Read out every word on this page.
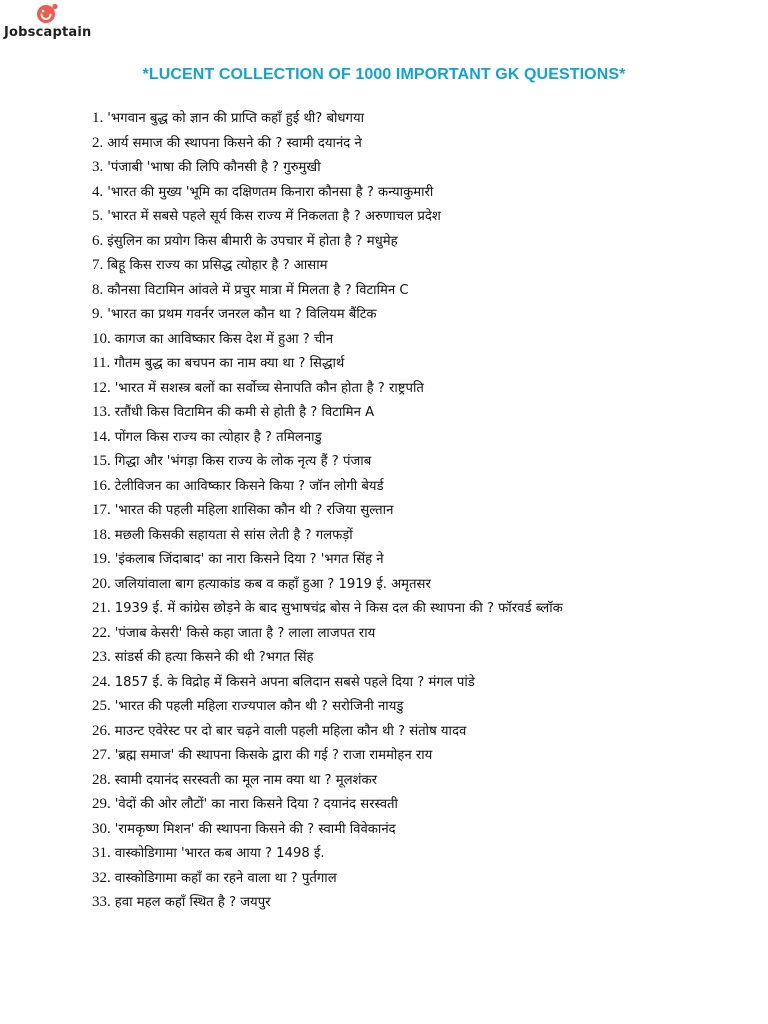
Jobscaptain
*LUCENT COLLECTION OF 1000 IMPORTANT GK QUESTIONS*
1. 'भगवान बुद्ध को ज्ञान की प्राप्ति कहाँ हुई थी? बोधगया
2. आर्य समाज की स्थापना किसने की ? स्वामी दयानंद ने
3. 'पंजाबी 'भाषा की लिपि कौनसी है ? गुरुमुखी
4. 'भारत की मुख्य 'भूमि का दक्षिणतम किनारा कौनसा है ? कन्याकुमारी
5. 'भारत में सबसे पहले सूर्य किस राज्य में निकलता है ? अरुणाचल प्रदेश
6. इंसुलिन का प्रयोग किस बीमारी के उपचार में होता है ? मधुमेह
7. बिहू किस राज्य का प्रसिद्ध त्योहार है ? आसाम
8. कौनसा विटामिन आंवले में प्रचुर मात्रा में मिलता है ? विटामिन C
9. 'भारत का प्रथम गवर्नर जनरल कौन था ? विलियम बैंटिक
10. कागज का आविष्कार किस देश में हुआ ? चीन
11. गौतम बुद्ध का बचपन का नाम क्या था ? सिद्धार्थ
12. 'भारत में सशस्त्र बलों का सर्वोच्च सेनापति कौन होता है ? राष्ट्रपति
13. रतौंधी किस विटामिन की कमी से होती है ? विटामिन A
14. पोंगल किस राज्य का त्योहार है ? तमिलनाडु
15. गिद्धा और 'भंगड़ा किस राज्य के लोक नृत्य हैं ? पंजाब
16. टेलीविजन का आविष्कार किसने किया ? जॉन लोगी बेयर्ड
17. 'भारत की पहली महिला शासिका कौन थी ? रजिया सुल्तान
18. मछली किसकी सहायता से सांस लेती है ? गलफड़ों
19. 'इंकलाब जिंदाबाद' का नारा किसने दिया ? 'भगत सिंह ने
20. जलियांवाला बाग हत्याकांड कब व कहाँ हुआ ? 1919 ई. अमृतसर
21. 1939 ई. में कांग्रेस छोड़ने के बाद सुभाषचंद्र बोस ने किस दल की स्थापना की ? फॉरवर्ड ब्लॉक
22. 'पंजाब केसरी' किसे कहा जाता है ? लाला लाजपत राय
23. सांडर्स की हत्या किसने की थी ?भगत सिंह
24. 1857 ई. के विद्रोह में किसने अपना बलिदान सबसे पहले दिया ? मंगल पांडे
25. 'भारत की पहली महिला राज्यपाल कौन थी ? सरोजिनी नायडु
26. माउन्ट एवेरेस्ट पर दो बार चढ़ने वाली पहली महिला कौन थी ? संतोष यादव
27. 'ब्रह्म समाज' की स्थापना किसके द्वारा की गई ? राजा राममोहन राय
28. स्वामी दयानंद सरस्वती का मूल नाम क्या था ? मूलशंकर
29. 'वेदों की ओर लौटों' का नारा किसने दिया ? दयानंद सरस्वती
30. 'रामकृष्ण मिशन' की स्थापना किसने की ? स्वामी विवेकानंद
31. वास्कोडिगामा 'भारत कब आया ? 1498 ई.
32. वास्कोडिगामा कहाँ का रहने वाला था ? पुर्तगाल
33. हवा महल कहाँ स्थित है ? जयपुर
